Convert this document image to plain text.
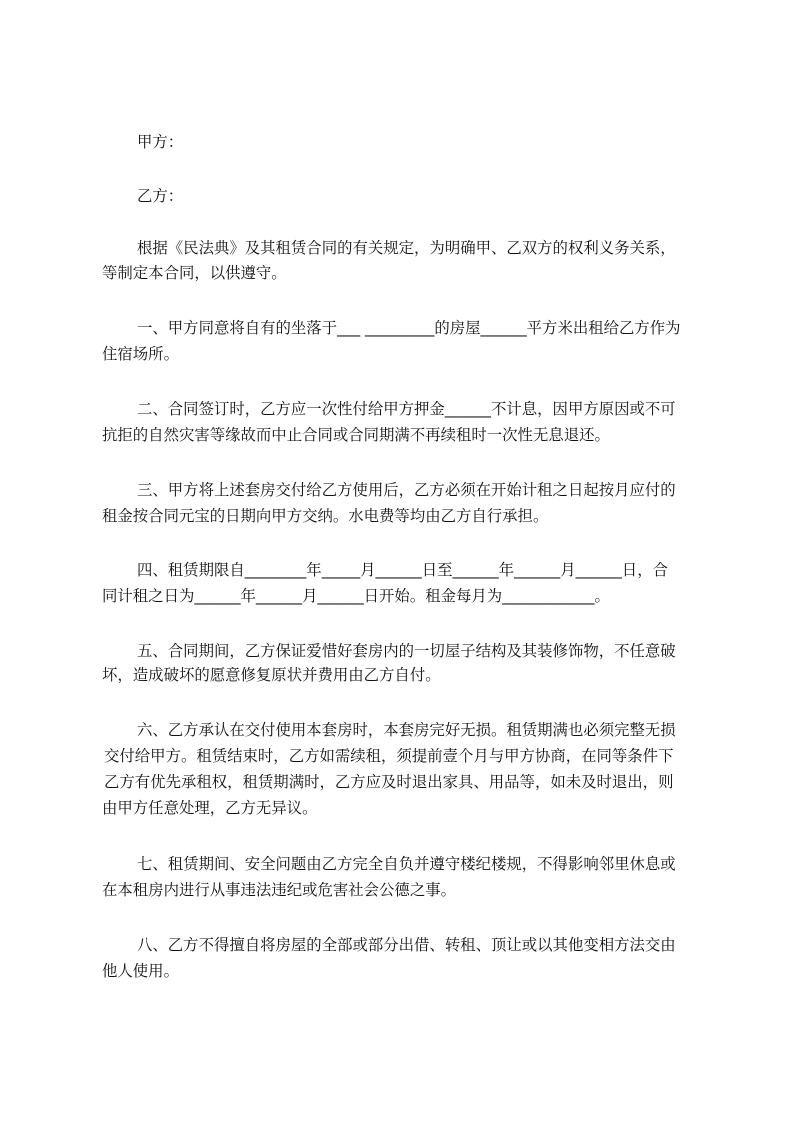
甲方：
乙方：
根据《民法典》及其租赁合同的有关规定，为明确甲、乙双方的权利义务关系，
等制定本合同，以供遵守。
一、甲方同意将自有的坐落于___ _________的房屋______平方米出租给乙方作为
住宿场所。
二、合同签订时，乙方应一次性付给甲方押金______不计息，因甲方原因或不可
抗拒的自然灾害等缘故而中止合同或合同期满不再续租时一次性无息退还。
三、甲方将上述套房交付给乙方使用后，乙方必须在开始计租之日起按月应付的
租金按合同元宝的日期向甲方交纳。水电费等均由乙方自行承担。
四、租赁期限自________年_____月______日至______年______月______日，合
同计租之日为______年______月______日开始。租金每月为____________。
五、合同期间，乙方保证爱惜好套房内的一切屋子结构及其装修饰物，不任意破
坏，造成破坏的愿意修复原状并费用由乙方自付。
六、乙方承认在交付使用本套房时，本套房完好无损。租赁期满也必须完整无损
交付给甲方。租赁结束时，乙方如需续租，须提前壹个月与甲方协商，在同等条件下
乙方有优先承租权，租赁期满时，乙方应及时退出家具、用品等，如未及时退出，则
由甲方任意处理，乙方无异议。
七、租赁期间、安全问题由乙方完全自负并遵守楼纪楼规，不得影响邻里休息或
在本租房内进行从事违法违纪或危害社会公德之事。
八、乙方不得擅自将房屋的全部或部分出借、转租、顶让或以其他变相方法交由
他人使用。
